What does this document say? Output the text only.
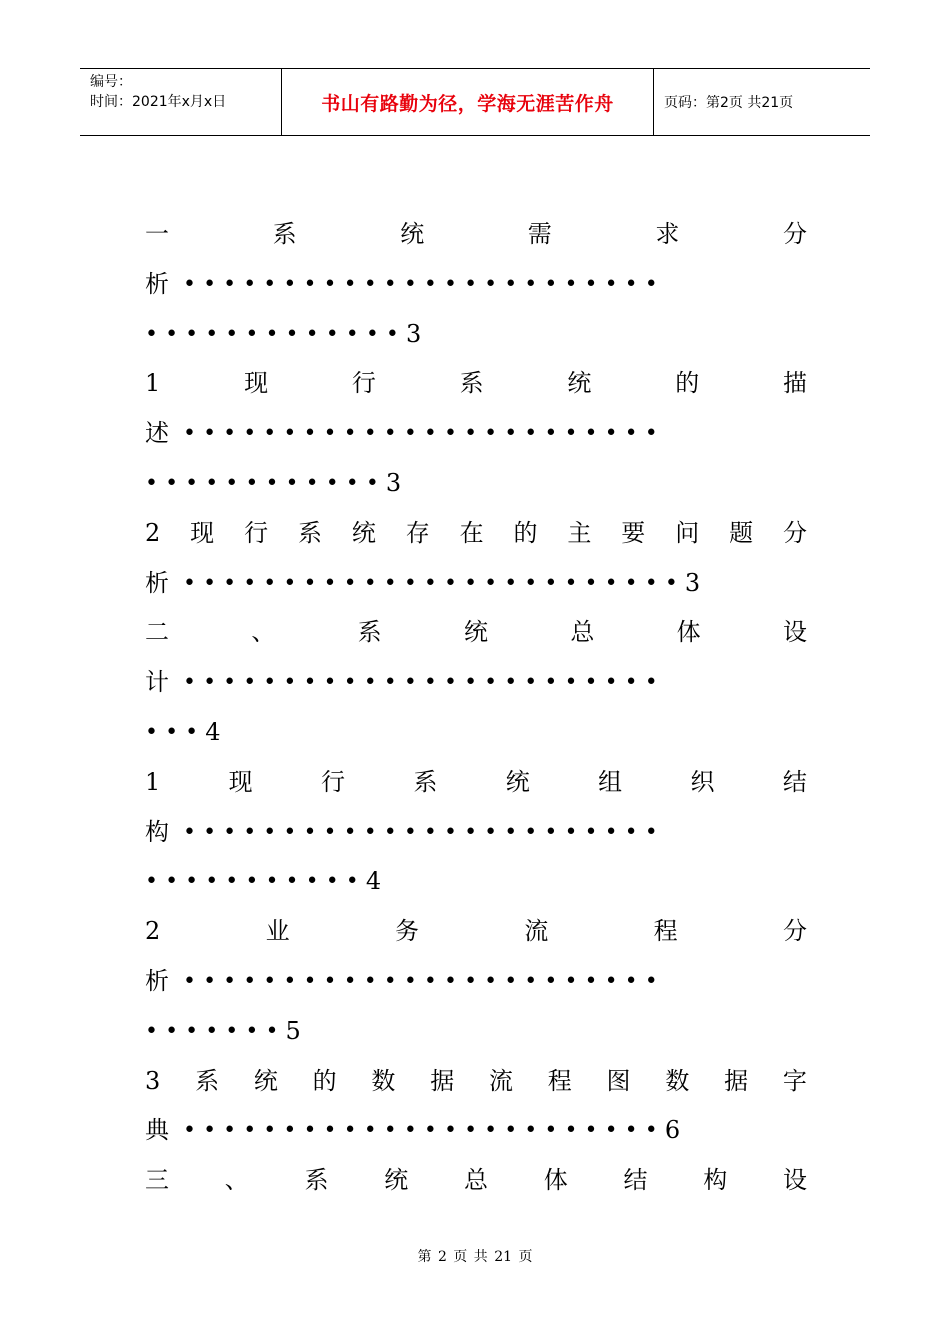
编号：
时间：2021年x月x日	书山有路勤为径，学海无涯苦作舟	页码：第2页 共21页
一	系	统	需	求	分
析 ••••••••••••••••••••••••
••••••••••••• 3
1	现	行	系	统	的	描
述 ••••••••••••••••••••••••
•••••••••••• 3
2 现 行 系 统 存 在 的 主 要 问 题 分
析 ••••••••••••••••••••••••• 3
二	、	系	统	总	体	设
计 ••••••••••••••••••••••••
••• 4
1	现	行	系	统	组	织	结
构 ••••••••••••••••••••••••
••••••••••• 4
2	业	务	流	程	分
析 ••••••••••••••••••••••••
••••••• 5
3 系 统 的 数 据 流 程 图 数 据 字
典 •••••••••••••••••••••••• 6
三 、 系 统 总 体 结 构 设
第 2 页 共 21 页
